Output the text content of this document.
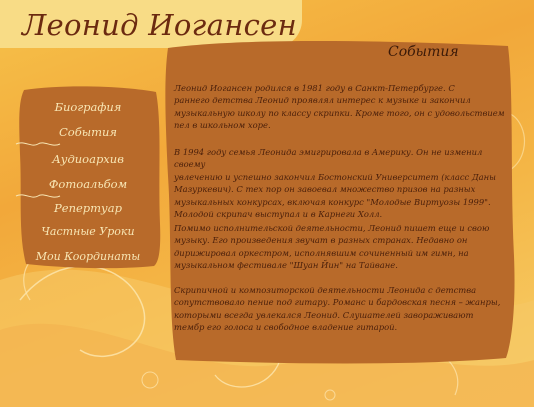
Леонид Иогансен
Биография
События
Аудиоархив
Фотоальбом
Репертуар
Частные Уроки
Мои Координаты
События
Леонид Иогансен родился в 1981 году в Санкт-Петербурге. С
раннего детства Леонид проявлял интерес к музыке и закончил
музыкальную школу по классу скрипки. Кроме того, он с удовольствием
пел в школьном хоре.
В 1994 году семья Леонида эмигрировала в Америку. Он не изменил своему
увлечению и успешно закончил Бостонский Университет (класс Даны
Мазуркевич). С тех пор он завоевал множество призов на разных
музыкальных конкурсах, включая конкурс "Молодые Виртуозы 1999".
Молодой скрипач выступал и в Карнеги Холл.
Помимо исполнительской деятельности, Леонид пишет еще и свою
музыку. Его произведения звучат в разных странах. Недавно он
дирижировал оркестром, исполнявшим сочиненный им гимн, на
музыкальном фестивале "Шуан Йин" на Тайване.
Скрипичной и композиторской деятельности Леонида с детства
сопутствовало пение под гитару. Романс и бардовская песня – жанры,
которыми всегда увлекался Леонид. Слушателей завораживают
тембр его голоса и свободное владение гитарой.
